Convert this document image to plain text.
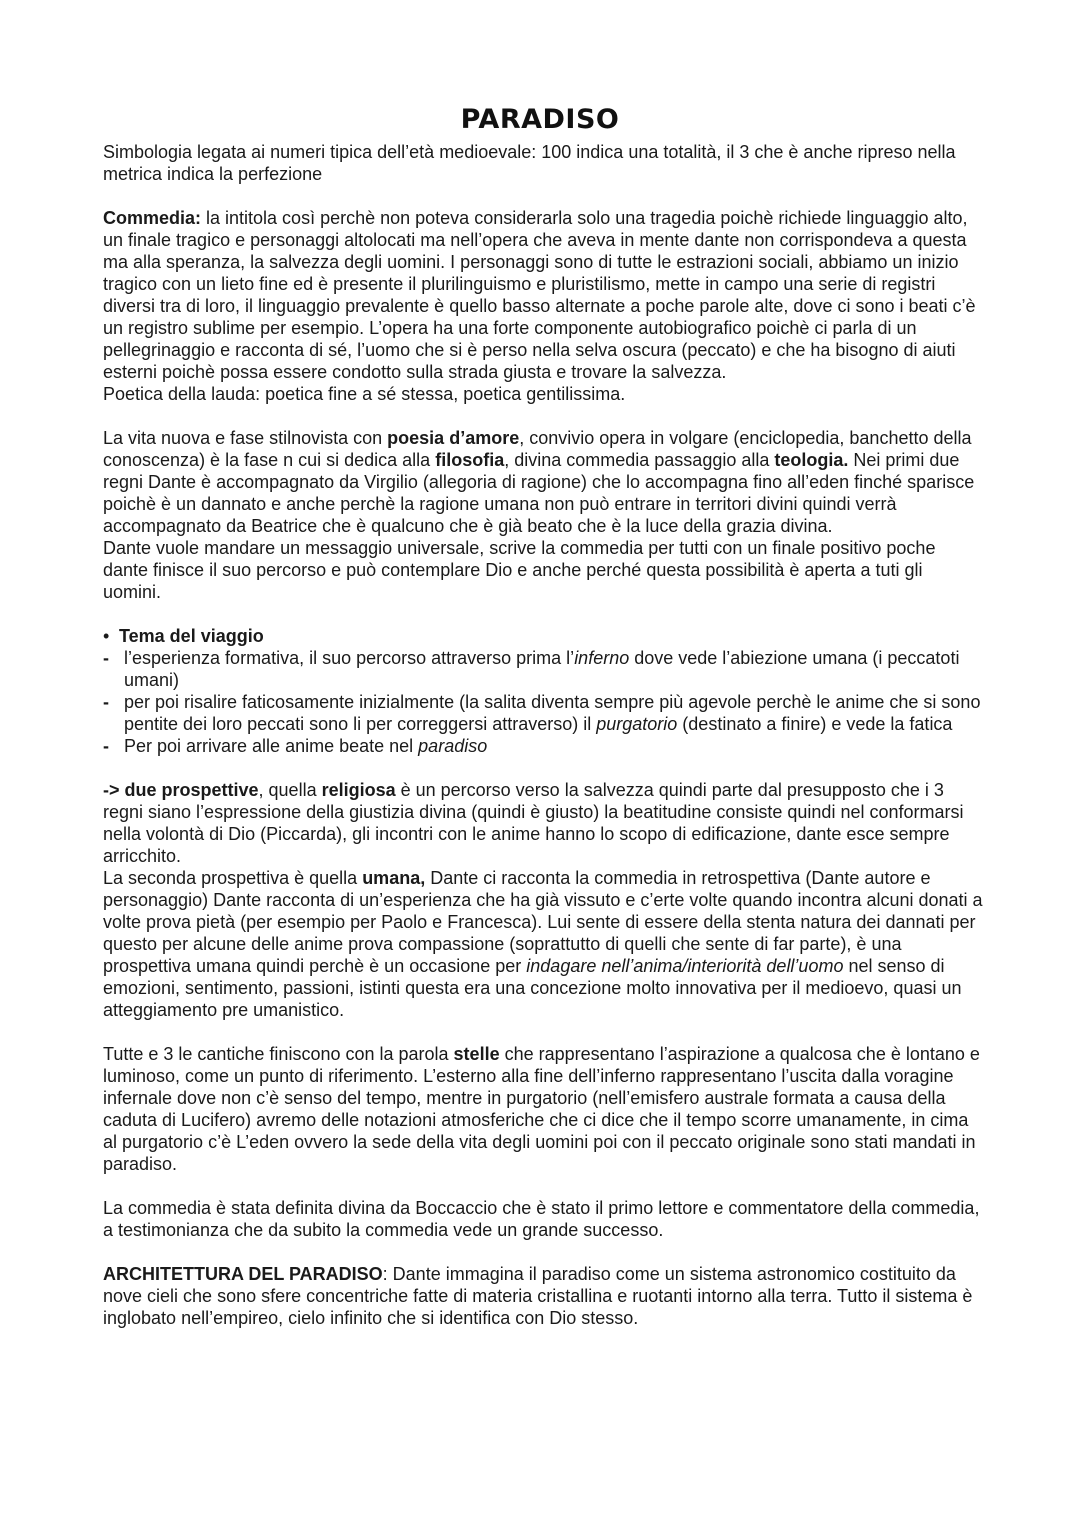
PARADISO

Simbologia legata ai numeri tipica dell’età medioevale: 100 indica una totalità, il 3 che è anche ripreso nella metrica indica la perfezione

Commedia: la intitola così perchè non poteva considerarla solo una tragedia poichè richiede linguaggio alto, un finale tragico e personaggi altolocati ma nell’opera che aveva in mente dante non corrispondeva a questa ma alla speranza, la salvezza degli uomini. I personaggi sono di tutte le estrazioni sociali, abbiamo un inizio tragico con un lieto fine ed è presente il plurilinguismo e pluristilismo, mette in campo una serie di registri diversi tra di loro, il linguaggio prevalente è quello basso alternate a poche parole alte, dove ci sono i beati c’è un registro sublime per esempio. L’opera ha una forte componente autobiografico poichè ci parla di un pellegrinaggio e racconta di sé, l’uomo che si è perso nella selva oscura (peccato) e che ha bisogno di aiuti esterni poichè possa essere condotto sulla strada giusta e trovare la salvezza.

Poetica della lauda: poetica fine a sé stessa, poetica gentilissima.

La vita nuova e fase stilnovista con poesia d’amore, convivio opera in volgare (enciclopedia, banchetto della conoscenza) è la fase n cui si dedica alla filosofia, divina commedia passaggio alla teologia. Nei primi due regni Dante è accompagnato da Virgilio (allegoria di ragione) che lo accompagna fino all’eden finché sparisce poichè è un dannato e anche perchè la ragione umana non può entrare in territori divini quindi verrà accompagnato da Beatrice che è qualcuno che è già beato che è la luce della grazia divina.

Dante vuole mandare un messaggio universale, scrive la commedia per tutti con un finale positivo poche dante finisce il suo percorso e può contemplare Dio e anche perché questa possibilità è aperta a tuti gli uomini.

• Tema del viaggio

- l’esperienza formativa, il suo percorso attraverso prima l’inferno dove vede l’abiezione umana (i peccatoti umani)

- per poi risalire faticosamente inizialmente (la salita diventa sempre più agevole perchè le anime che si sono pentite dei loro peccati sono li per correggersi attraverso) il purgatorio (destinato a finire) e vede la fatica

- Per poi arrivare alle anime beate nel paradiso

-> due prospettive, quella religiosa è un percorso verso la salvezza quindi parte dal presupposto che i 3 regni siano l’espressione della giustizia divina (quindi è giusto) la beatitudine consiste quindi nel conformarsi nella volontà di Dio (Piccarda), gli incontri con le anime hanno lo scopo di edificazione, dante esce sempre arricchito.

La seconda prospettiva è quella umana, Dante ci racconta la commedia in retrospettiva (Dante autore e personaggio) Dante racconta di un’esperienza che ha già vissuto e c’erte volte quando incontra alcuni donati a volte prova pietà (per esempio per Paolo e Francesca). Lui sente di essere della stenta natura dei dannati per questo per alcune delle anime prova compassione (soprattutto di quelli che sente di far parte), è una prospettiva umana quindi perchè è un occasione per indagare nell’anima/interiorità dell’uomo nel senso di emozioni, sentimento, passioni, istinti questa era una concezione molto innovativa per il medioevo, quasi un atteggiamento pre umanistico.

Tutte e 3 le cantiche finiscono con la parola stelle che rappresentano l’aspirazione a qualcosa che è lontano e luminoso, come un punto di riferimento. L’esterno alla fine dell’inferno rappresentano l’uscita dalla voragine infernale dove non c’è senso del tempo, mentre in purgatorio (nell’emisfero australe formata a causa della caduta di Lucifero) avremo delle notazioni atmosferiche che ci dice che il tempo scorre umanamente, in cima al purgatorio c’è L’eden ovvero la sede della vita degli uomini poi con il peccato originale sono stati mandati in paradiso.

La commedia è stata definita divina da Boccaccio che è stato il primo lettore e commentatore della commedia, a testimonianza che da subito la commedia vede un grande successo.

ARCHITETTURA DEL PARADISO: Dante immagina il paradiso come un sistema astronomico costituito da nove cieli che sono sfere concentriche fatte di materia cristallina e ruotanti intorno alla terra. Tutto il sistema è inglobato nell’empireo, cielo infinito che si identifica con Dio stesso.
